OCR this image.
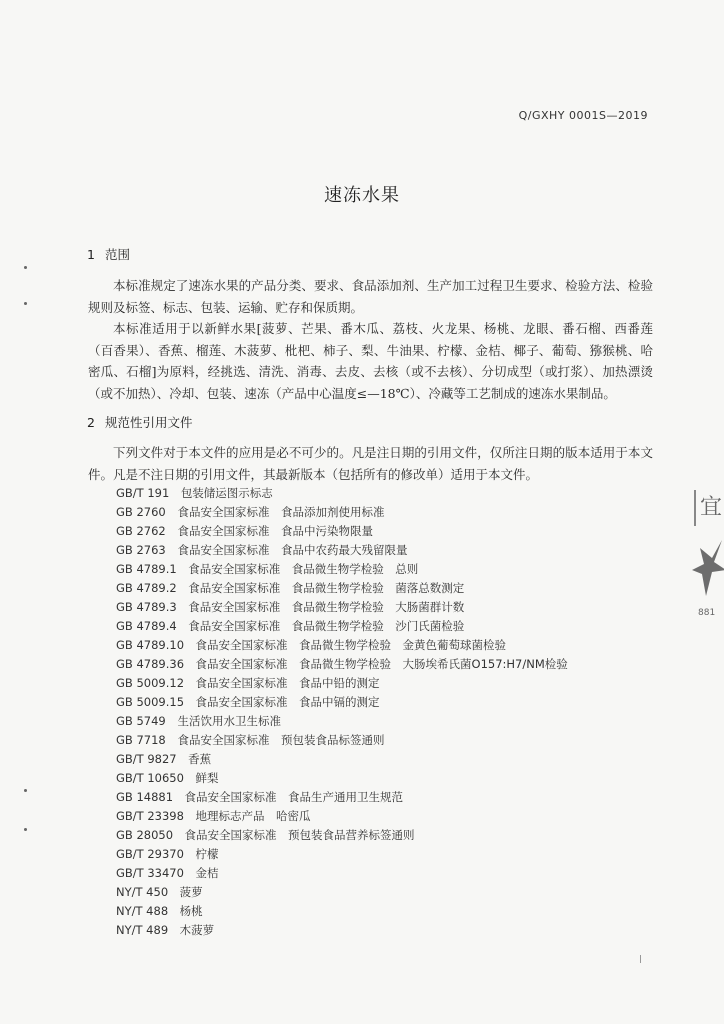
Q/GXHY 0001S—2019
速冻水果
1 范围

本标准规定了速冻水果的产品分类、要求、食品添加剂、生产加工过程卫生要求、检验方法、检验规则及标签、标志、包装、运输、贮存和保质期。

本标准适用于以新鲜水果[菠萝、芒果、番木瓜、荔枝、火龙果、杨桃、龙眼、番石榴、西番莲（百香果）、香蕉、榴莲、木菠萝、枇杷、柿子、梨、牛油果、柠檬、金桔、椰子、葡萄、猕猴桃、哈密瓜、石榴]为原料，经挑选、清洗、消毒、去皮、去核（或不去核）、分切成型（或打浆）、加热漂烫（或不加热）、冷却、包装、速冻（产品中心温度≤—18℃）、冷藏等工艺制成的速冻水果制品。

2 规范性引用文件

下列文件对于本文件的应用是必不可少的。凡是注日期的引用文件，仅所注日期的版本适用于本文件。凡是不注日期的引用文件，其最新版本（包括所有的修改单）适用于本文件。

GB/T 191　 包装储运图示标志
GB 2760　 食品安全国家标准　食品添加剂使用标准
GB 2762　 食品安全国家标准　食品中污染物限量
GB 2763　 食品安全国家标准　食品中农药最大残留限量
GB 4789.1　 食品安全国家标准　食品微生物学检验　总则
GB 4789.2　 食品安全国家标准　食品微生物学检验　菌落总数测定
GB 4789.3　 食品安全国家标准　食品微生物学检验　大肠菌群计数
GB 4789.4　 食品安全国家标准　食品微生物学检验　沙门氏菌检验
GB 4789.10　 食品安全国家标准　食品微生物学检验　金黄色葡萄球菌检验
GB 4789.36　 食品安全国家标准　食品微生物学检验　大肠埃希氏菌O157:H7/NM检验
GB 5009.12　 食品安全国家标准　食品中铅的测定
GB 5009.15　 食品安全国家标准　食品中镉的测定
GB 5749　 生活饮用水卫生标准
GB 7718　 食品安全国家标准　预包装食品标签通则
GB/T 9827　 香蕉
GB/T 10650　 鲜梨
GB 14881　 食品安全国家标准　食品生产通用卫生规范
GB/T 23398　 地理标志产品　哈密瓜
GB 28050　 食品安全国家标准　预包装食品营养标签通则
GB/T 29370　 柠檬
GB/T 33470　 金桔
NY/T 450　 菠萝
NY/T 488　 杨桃
NY/T 489　 木菠萝
宜
881
